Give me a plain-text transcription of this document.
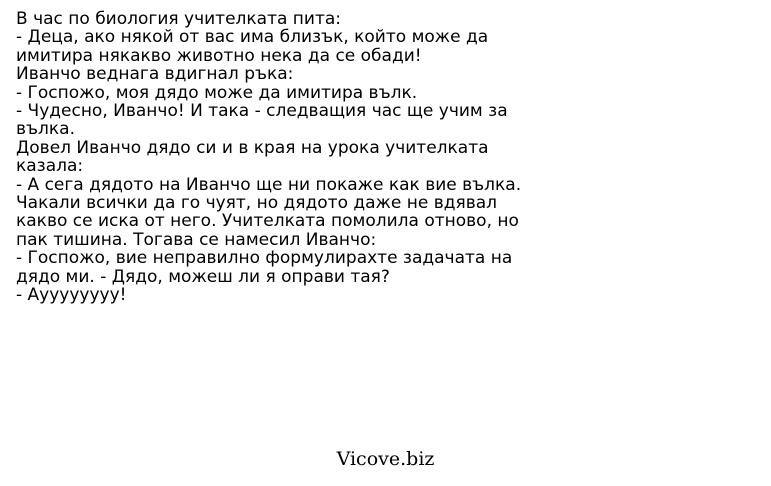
В час по биология учителката пита:
- Деца, ако някой от вас има близък, който може да
имитира някакво животно нека да се обади!
Иванчо веднага вдигнал ръка:
- Госпожо, моя дядо може да имитира вълк.
- Чудесно, Иванчо! И така - следващия час ще учим за
вълка.
Довел Иванчо дядо си и в края на урока учителката
казала:
- А сега дядото на Иванчо ще ни покаже как вие вълка.
Чакали всички да го чуят, но дядото даже не вдявал
какво се иска от него. Учителката помолила отново, но
пак тишина. Тогава се намесил Иванчо:
- Госпожо, вие неправилно формулирахте задачата на
дядо ми. - Дядо, можеш ли я оправи тая?
- Ауууууууу!
Vicove.biz
